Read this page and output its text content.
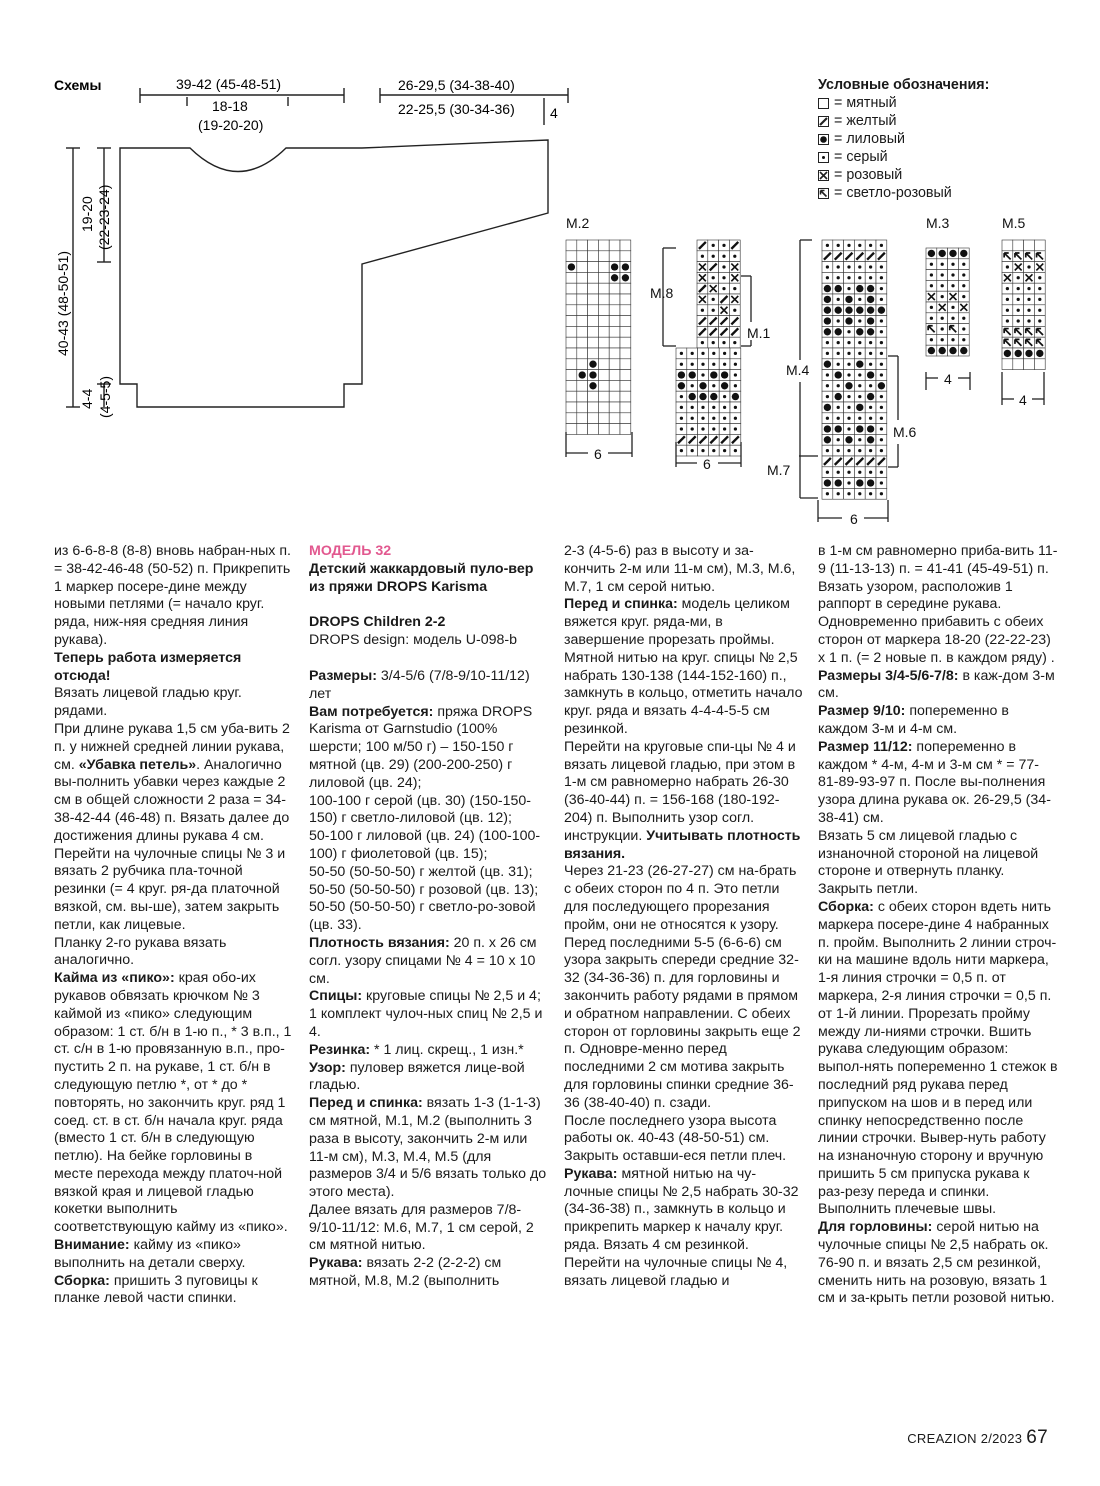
Схемы	39-42 (45-48-51)
18-18
(19-20-20)
26-29,5 (34-38-40)
22-25,5 (30-34-36)	4
19-20 (22-23-24)
40-43 (48-50-51)
4-4 (4-5-5)
Условные обозначения:
= мятный
= желтый
= лиловый
= серый
= розовый
= светло-розовый
M.2
M.8
M.1
M.4
M.6
M.7
M.3	M.5
6
6
6
4
4

из 6-6-8-8 (8-8) вновь набран-ных п. = 38-42-46-48 (50-52) п. Прикрепить 1 маркер посере-дине между новыми петлями (= начало круг. ряда, ниж-няя средняя линия рукава).

Теперь работа измеряется отсюда!

Вязать лицевой гладью круг. рядами.

При длине рукава 1,5 см уба-вить 2 п. у нижней средней линии рукава, см. «Убавка петель». Аналогично вы-полнить убавки через каждые 2 см в общей сложности 2 раза = 34-38-42-44 (46-48) п. Вязать далее до достижения длины рукава 4 см.

Перейти на чулочные спицы № 3 и вязать 2 рубчика пла-точной резинки (= 4 круг. ря-да платочной вязкой, см. вы-ше), затем закрыть петли, как лицевые.

Планку 2-го рукава вязать аналогично.

Кайма из «пико»: края обо-их рукавов обвязать крючком № 3 каймой из «пико» следующим образом: 1 ст. б/н в 1-ю п., * 3 в.п., 1 ст. с/н в 1-ю провязанную в.п., про-пустить 2 п. на рукаве, 1 ст. б/н в следующую петлю *, от * до * повторять, но закончить круг. ряд 1 соед. ст. в ст. б/н начала круг. ряда (вместо 1 ст. б/н в следующую петлю). На бейке горловины в месте перехода между платоч-ной вязкой края и лицевой гладью кокетки выполнить соответствующую кайму из «пико».

Внимание: кайму из «пико» выполнить на детали сверху.

Сборка: пришить 3 пуговицы к планке левой части спинки.

МОДЕЛЬ 32
Детский жаккардовый пуло-вер из пряжи DROPS Karisma
DROPS Children 2-2
DROPS design: модель U-098-b

Размеры: 3/4-5/6 (7/8-9/10-11/12) лет

Вам потребуется: пряжа DROPS Karisma от Garnstudio (100% шерсти; 100 м/50 г) – 150-150 г мятной (цв. 29) (200-200-250) г лиловой (цв. 24);

100-100 г серой (цв. 30) (150-150-150) г светло-лиловой (цв. 12);

50-100 г лиловой (цв. 24) (100-100-100) г фиолетовой (цв. 15);

50-50 (50-50-50) г желтой (цв. 31);

50-50 (50-50-50) г розовой (цв. 13);

50-50 (50-50-50) г светло-ро-зовой (цв. 33).

Плотность вязания: 20 п. х 26 см согл. узору спицами № 4 = 10 х 10 см.

Спицы: круговые спицы № 2,5 и 4; 1 комплект чулоч-ных спиц № 2,5 и 4.

Резинка: * 1 лиц. скрещ., 1 изн.*

Узор: пуловер вяжется лице-вой гладью.

Перед и спинка: вязать 1-3 (1-1-3) см мятной, М.1, М.2 (выполнить 3 раза в высоту, закончить 2-м или 11-м см), М.3, М.4, М.5 (для размеров 3/4 и 5/6 вязать только до этого места).

Далее вязать для размеров 7/8-9/10-11/12: М.6, М.7, 1 см серой, 2 см мятной нитью.

Рукава: вязать 2-2 (2-2-2) см мятной, М.8, М.2 (выполнить

2-3 (4-5-6) раз в высоту и за-кончить 2-м или 11-м см), М.3, М.6, М.7, 1 см серой нитью.

Перед и спинка: модель целиком вяжется круг. ряда-ми, в завершение прорезать проймы. Мятной нитью на круг. спицы № 2,5 набрать 130-138 (144-152-160) п., замкнуть в кольцо, отметить начало круг. ряда и вязать 4-4-4-5-5 см резинкой.

Перейти на круговые спи-цы № 4 и вязать лицевой гладью, при этом в 1-м см равномерно набрать 26-30 (36-40-44) п. = 156-168 (180-192-204) п. Выполнить узор согл. инструкции. Учитывать плотность вязания.

Через 21-23 (26-27-27) см на-брать с обеих сторон по 4 п. Это петли для последующего прорезания пройм, они не относятся к узору.

Перед последними 5-5 (6-6-6) см узора закрыть спереди средние 32-32 (34-36-36) п. для горловины и закончить работу рядами в прямом и обратном направлении. С обеих сторон от горловины закрыть еще 2 п. Одновре-менно перед последними 2 см мотива закрыть для горловины спинки средние 36-36 (38-40-40) п. сзади.

После последнего узора высота работы ок. 40-43 (48-50-51) см. Закрыть оставши-еся петли плеч.

Рукава: мятной нитью на чу-лочные спицы № 2,5 набрать 30-32 (34-36-38) п., замкнуть в кольцо и прикрепить маркер к началу круг. ряда. Вязать 4 см резинкой.

Перейти на чулочные спицы № 4, вязать лицевой гладью и

в 1-м см равномерно приба-вить 11-9 (11-13-13) п. = 41-41 (45-49-51) п. Вязать узором, расположив 1 раппорт в середине рукава.

Одновременно прибавить с обеих сторон от маркера 18-20 (22-22-23) х 1 п. (= 2 новые п. в каждом ряду) .

Размеры 3/4-5/6-7/8: в каж-дом 3-м см.

Размер 9/10: попеременно в каждом 3-м и 4-м см.

Размер 11/12: попеременно в каждом * 4-м, 4-м и 3-м см * = 77-81-89-93-97 п. После вы-полнения узора длина рукава ок. 26-29,5 (34-38-41) см.

Вязать 5 см лицевой гладью с изнаночной стороной на лицевой стороне и отвернуть планку. Закрыть петли.

Сборка: с обеих сторон вдеть нить маркера посере-дине 4 набранных п. пройм. Выполнить 2 линии строч-ки на машине вдоль нити маркера, 1-я линия строчки = 0,5 п. от маркера, 2-я линия строчки = 0,5 п. от 1-й линии. Прорезать пройму между ли-ниями строчки. Вшить рукава следующим образом: выпол-нять попеременно 1 стежок в последний ряд рукава перед припуском на шов и в перед или спинку непосредственно после линии строчки. Вывер-нуть работу на изнаночную сторону и вручную пришить 5 см припуска рукава к раз-резу переда и спинки.

Выполнить плечевые швы.

Для горловины: серой нитью на чулочные спицы № 2,5 набрать ок. 76-90 п. и вязать 2,5 см резинкой, сменить нить на розовую, вязать 1 см и за-крыть петли розовой нитью.

CREAZION 2/2023 67
